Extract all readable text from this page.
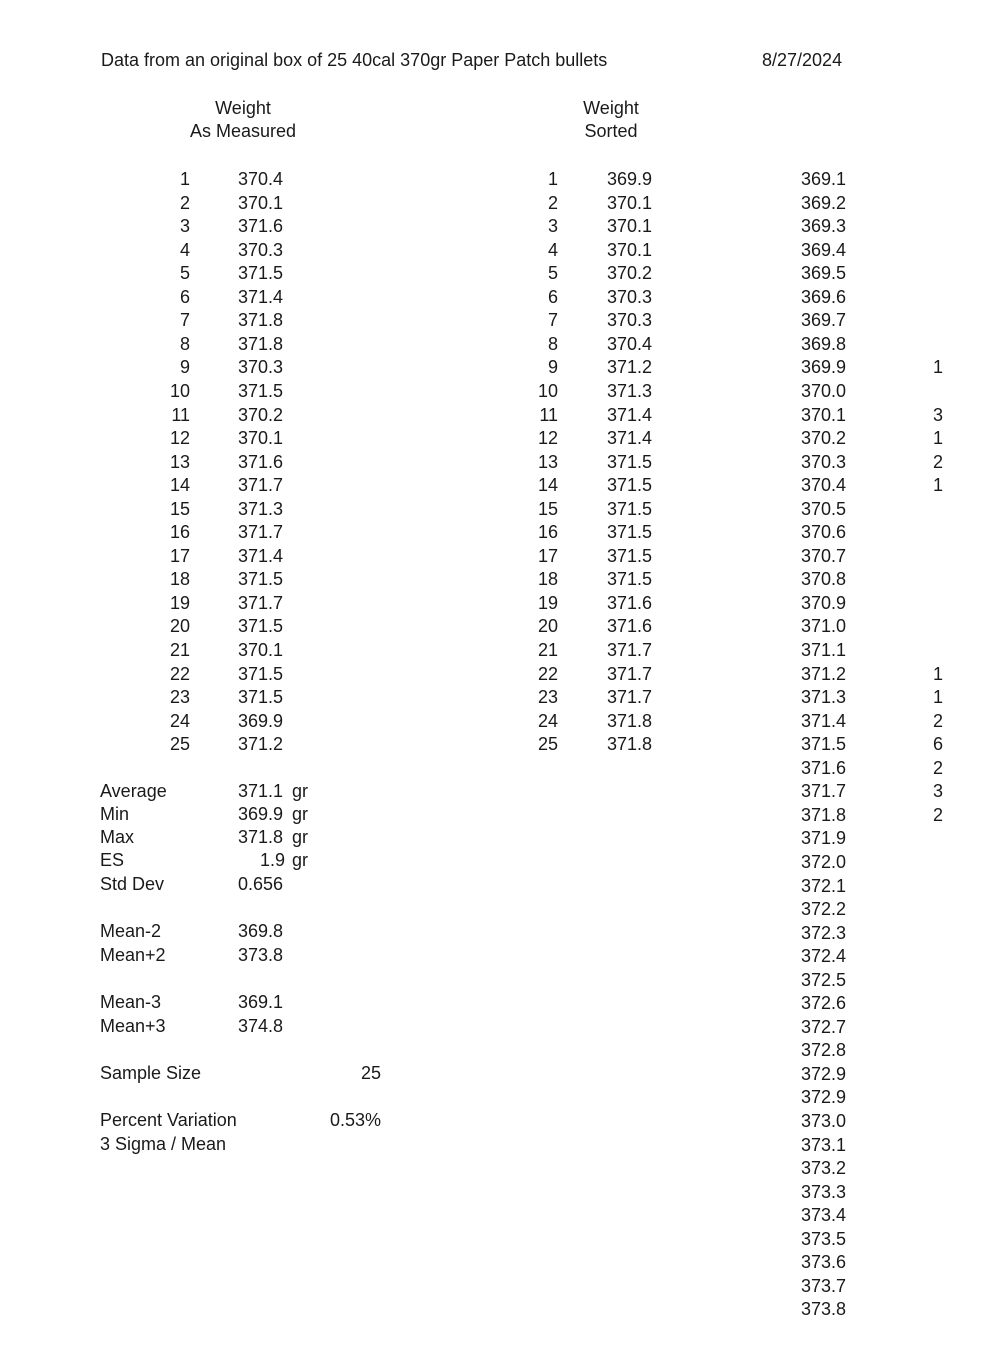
Data from an original box of 25 40cal 370gr Paper Patch bullets	8/27/2024
Weight
As Measured
Weight
Sorted
1	370.4
2	370.1
3	371.6
4	370.3
5	371.5
6	371.4
7	371.8
8	371.8
9	370.3
10	371.5
11	370.2
12	370.1
13	371.6
14	371.7
15	371.3
16	371.7
17	371.4
18	371.5
19	371.7
20	371.5
21	370.1
22	371.5
23	371.5
24	369.9
25	371.2
1	369.9
2	370.1
3	370.1
4	370.1
5	370.2
6	370.3
7	370.3
8	370.4
9	371.2
10	371.3
11	371.4
12	371.4
13	371.5
14	371.5
15	371.5
16	371.5
17	371.5
18	371.5
19	371.6
20	371.6
21	371.7
22	371.7
23	371.7
24	371.8
25	371.8
369.1
369.2
369.3
369.4
369.5
369.6
369.7
369.8
369.9	1
370.0
370.1	3
370.2	1
370.3	2
370.4	1
370.5
370.6
370.7
370.8
370.9
371.0
371.1
371.2	1
371.3	1
371.4	2
371.5	6
371.6	2
371.7	3
371.8	2
371.9
372.0
372.1
372.2
372.3
372.4
372.5
372.6
372.7
372.8
372.9
372.9
373.0
373.1
373.2
373.3
373.4
373.5
373.6
373.7
373.8
Average	371.1 gr
Min	369.9 gr
Max	371.8 gr
ES	1.9 gr
Std Dev	0.656
Mean-2	369.8
Mean+2	373.8
Mean-3	369.1
Mean+3	374.8
Sample Size	25
Percent Variation	0.53%
3 Sigma / Mean
